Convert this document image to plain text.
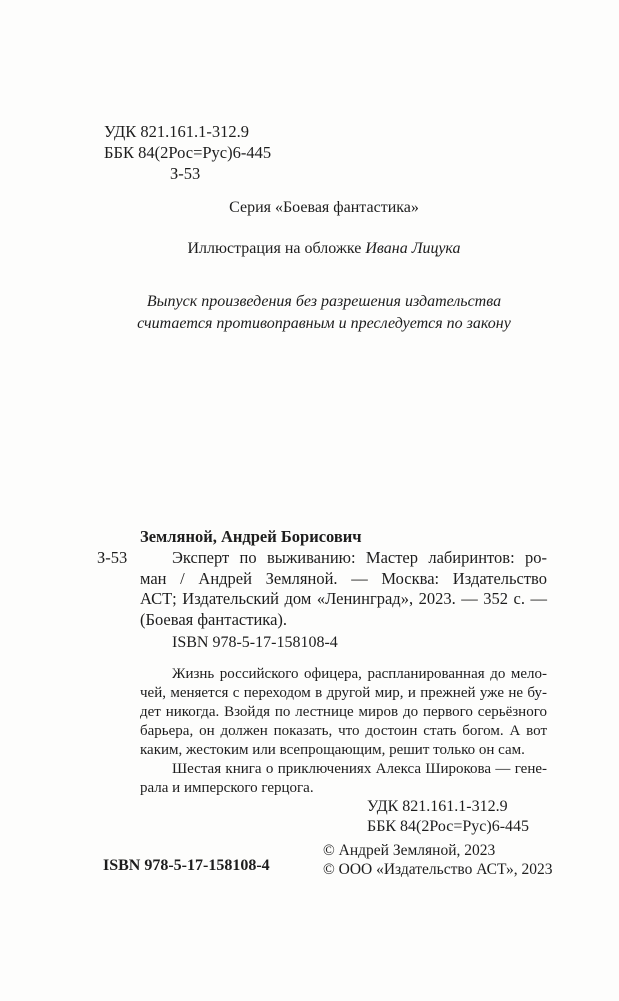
УДК 821.161.1-312.9
ББК 84(2Рос=Рус)6-445
З-53
Серия «Боевая фантастика»
Иллюстрация на обложке Ивана Лицука
Выпуск произведения без разрешения издательства
считается противоправным и преследуется по закону
Земляной, Андрей Борисович
З-53	Эксперт по выживанию: Мастер лабиринтов: ро-
ман / Андрей Земляной. — Москва: Издательство
АСТ; Издательский дом «Ленинград», 2023. — 352 с. —
(Боевая фантастика).
ISBN 978-5-17-158108-4
Жизнь российского офицера, распланированная до мело-
чей, меняется с переходом в другой мир, и прежней уже не бу-
дет никогда. Взойдя по лестнице миров до первого серьёзного
барьера, он должен показать, что достоин стать богом. А вот
каким, жестоким или всепрощающим, решит только он сам.
Шестая книга о приключениях Алекса Широкова — гене-
рала и имперского герцога.
УДК 821.161.1-312.9
ББК 84(2Рос=Рус)6-445
© Андрей Земляной, 2023
© ООО «Издательство АСТ», 2023
ISBN 978-5-17-158108-4
